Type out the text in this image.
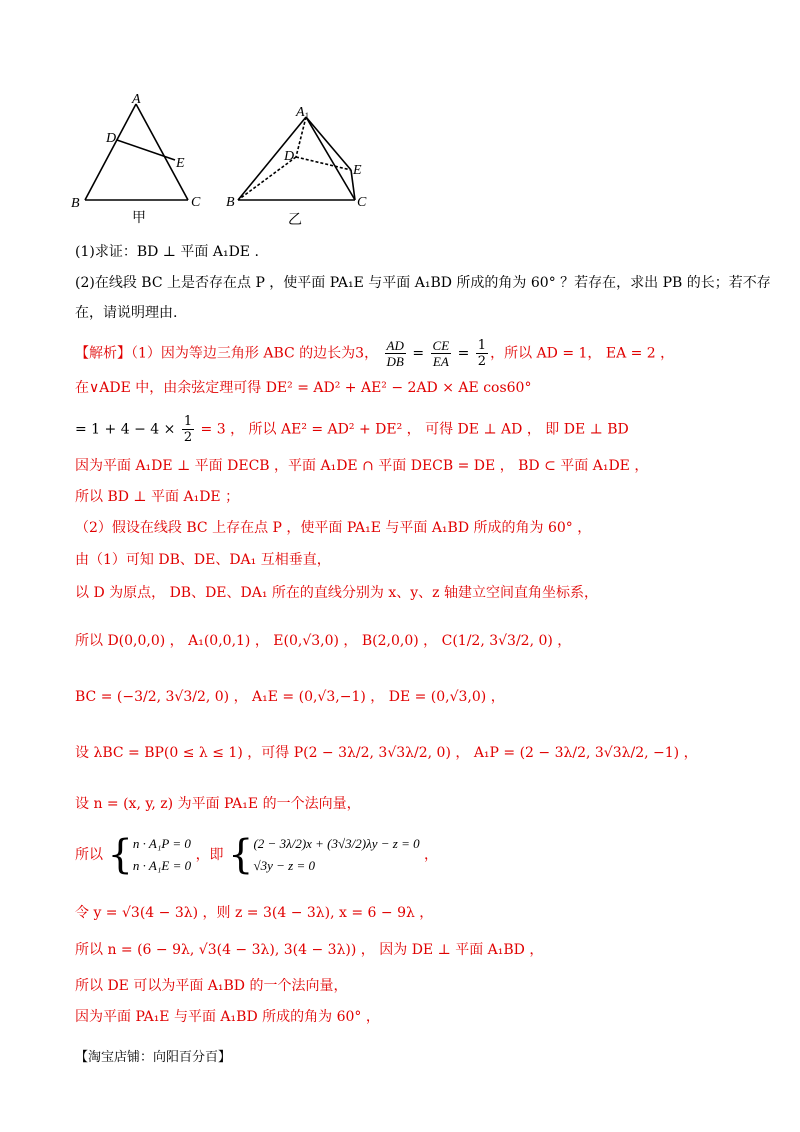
A
D
E
B	C
甲
$A_1$
D
E
B	C
乙
(1)求证：BD ⊥ 平面 A₁DE .
(2)在线段 BC 上是否存在点 P ，使平面 PA₁E 与平面 A₁BD 所成的角为 60° ？若存在，求出 PB 的长；若不存
在，请说明理由.
【解析】（1）因为等边三角形 ABC 的边长为3， $\frac{AD}{DB} = \frac{CE}{EA} = \frac{1}{2}$ ，所以 AD = 1， EA = 2 ，
在∨ADE 中，由余弦定理可得 DE² = AD² + AE² − 2AD × AE cos60°
= $1 + 4 - 4 \times \frac{1}{2} = 3$ ， 所以 AE² = AD² + DE² ， 可得 DE ⊥ AD ， 即 DE ⊥ BD
因为平面 A₁DE ⊥ 平面 DECB ，平面 A₁DE ∩ 平面 DECB = DE ， BD ⊂ 平面 A₁DE ，
所以 BD ⊥ 平面 A₁DE ；
（2）假设在线段 BC 上存在点 P ，使平面 PA₁E 与平面 A₁BD 所成的角为 60° ，
由（1）可知 DB、DE、DA₁ 互相垂直，
以 D 为原点， DB、DE、DA₁ 所在的直线分别为 x、y、z 轴建立空间直角坐标系，
所以 D(0,0,0) ， A₁(0,0,1) ， E(0,√3,0) ， B(2,0,0) ， C(1/2, 3√3/2, 0) ，
BC = (−3/2, 3√3/2, 0) ， A₁E = (0,√3,−1) ， DE = (0,√3,0) ，
设 λBC = BP(0 ≤ λ ≤ 1) ，可得 P(2 − 3λ/2, 3√3λ/2, 0) ， A₁P = (2 − 3λ/2, 3√3λ/2, −1) ，
设 n = (x, y, z) 为平面 PA₁E 的一个法向量，
所以 { n · A₁P = 0
n · A₁E = 0
，即 { (2 − 3λ/2)x + (3√3/2)λy − z = 0
√3y − z = 0
，
令 y = √3(4 − 3λ) ，则 z = 3(4 − 3λ), x = 6 − 9λ ，
所以 n = (6 − 9λ, √3(4 − 3λ), 3(4 − 3λ)) ， 因为 DE ⊥ 平面 A₁BD ，
所以 DE 可以为平面 A₁BD 的一个法向量，
因为平面 PA₁E 与平面 A₁BD 所成的角为 60° ，
【淘宝店铺：向阳百分百】
